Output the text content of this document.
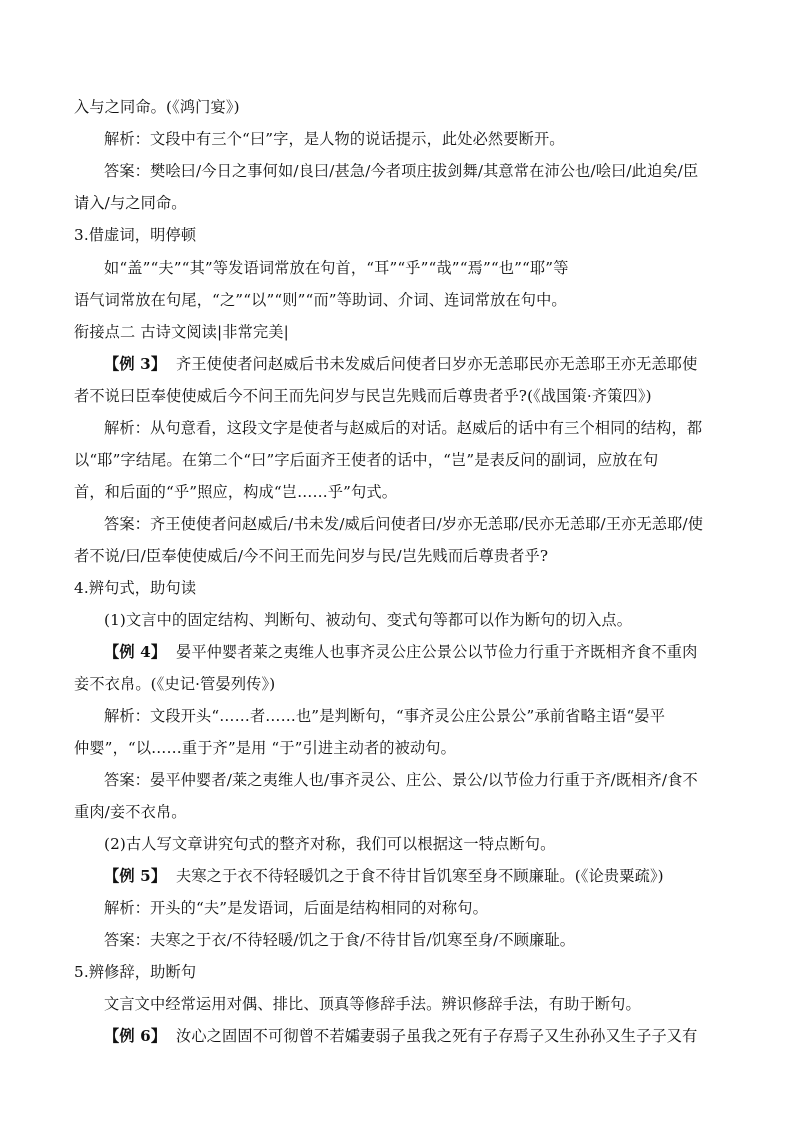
入与之同命。(《鸿门宴》)
解析：文段中有三个“曰”字，是人物的说话提示，此处必然要断开。
答案：樊哙曰/今日之事何如/良曰/甚急/今者项庄拔剑舞/其意常在沛公也/哙曰/此迫矣/臣
请入/与之同命。
3.借虚词，明停顿
如“盖”“夫”“其”等发语词常放在句首，“耳”“乎”“哉”“焉”“也”“耶”等
语气词常放在句尾，“之”“以”“则”“而”等助词、介词、连词常放在句中。
衔接点二 古诗文阅读|非常完美|
【例 3】 齐王使使者问赵威后书未发威后问使者曰岁亦无恙耶民亦无恙耶王亦无恙耶使
者不说曰臣奉使使威后今不问王而先问岁与民岂先贱而后尊贵者乎?(《战国策·齐策四》)
解析：从句意看，这段文字是使者与赵威后的对话。赵威后的话中有三个相同的结构，都
以“耶”字结尾。在第二个“曰”字后面齐王使者的话中，“岂”是表反问的副词，应放在句
首，和后面的“乎”照应，构成“岂……乎”句式。
答案：齐王使使者问赵威后/书未发/威后问使者曰/岁亦无恙耶/民亦无恙耶/王亦无恙耶/使
者不说/曰/臣奉使使威后/今不问王而先问岁与民/岂先贱而后尊贵者乎?
4.辨句式，助句读
(1)文言中的固定结构、判断句、被动句、变式句等都可以作为断句的切入点。
【例 4】 晏平仲婴者莱之夷维人也事齐灵公庄公景公以节俭力行重于齐既相齐食不重肉
妾不衣帛。(《史记·管晏列传》)
解析：文段开头“……者……也”是判断句，“事齐灵公庄公景公”承前省略主语“晏平
仲婴”，“以……重于齐”是用 “于”引进主动者的被动句。
答案：晏平仲婴者/莱之夷维人也/事齐灵公、庄公、景公/以节俭力行重于齐/既相齐/食不
重肉/妾不衣帛。
(2)古人写文章讲究句式的整齐对称，我们可以根据这一特点断句。
【例 5】 夫寒之于衣不待轻暖饥之于食不待甘旨饥寒至身不顾廉耻。(《论贵粟疏》)
解析：开头的“夫”是发语词，后面是结构相同的对称句。
答案：夫寒之于衣/不待轻暖/饥之于食/不待甘旨/饥寒至身/不顾廉耻。
5.辨修辞，助断句
文言文中经常运用对偶、排比、顶真等修辞手法。辨识修辞手法，有助于断句。
【例 6】 汝心之固固不可彻曾不若孀妻弱子虽我之死有子存焉子又生孙孙又生子子又有
